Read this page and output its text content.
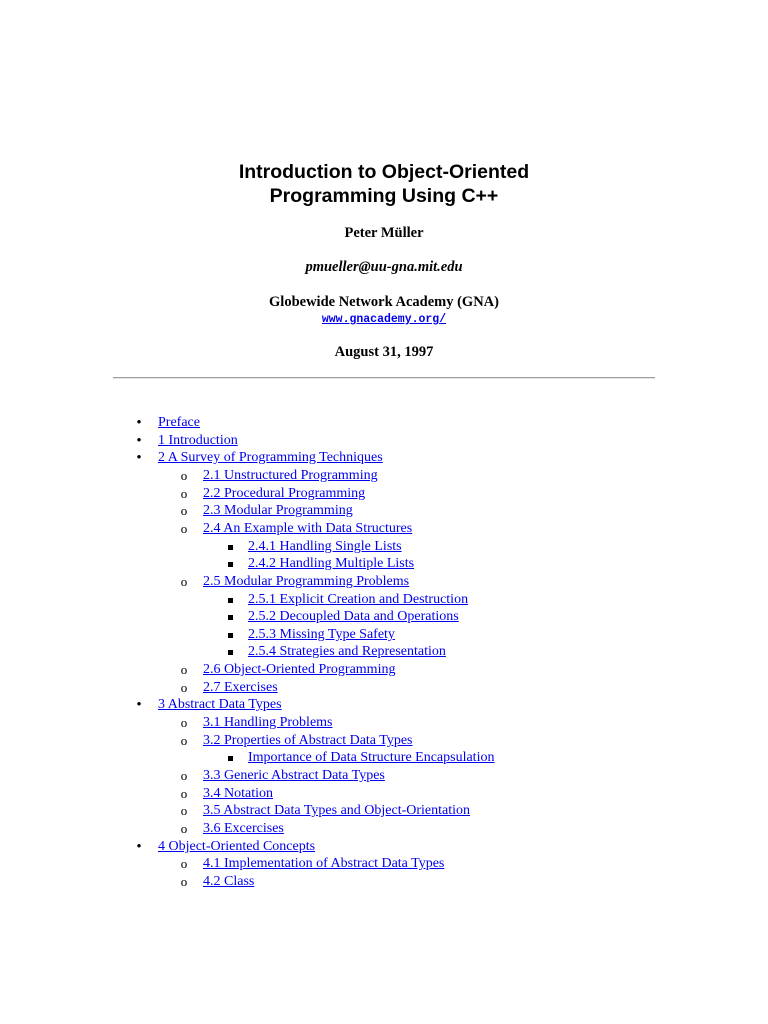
Introduction to Object-Oriented
Programming Using C++
Peter Müller
pmueller@uu-gna.mit.edu
Globewide Network Academy (GNA)
www.gnacademy.org/
August 31, 1997
•
Preface
•
1 Introduction
•
2 A Survey of Programming Techniques
o
2.1 Unstructured Programming
o
2.2 Procedural Programming
o
2.3 Modular Programming
o
2.4 An Example with Data Structures
2.4.1 Handling Single Lists
2.4.2 Handling Multiple Lists
o
2.5 Modular Programming Problems
2.5.1 Explicit Creation and Destruction
2.5.2 Decoupled Data and Operations
2.5.3 Missing Type Safety
2.5.4 Strategies and Representation
o
2.6 Object-Oriented Programming
o
2.7 Exercises
•
3 Abstract Data Types
o
3.1 Handling Problems
o
3.2 Properties of Abstract Data Types
Importance of Data Structure Encapsulation
o
3.3 Generic Abstract Data Types
o
3.4 Notation
o
3.5 Abstract Data Types and Object-Orientation
o
3.6 Excercises
•
4 Object-Oriented Concepts
o
4.1 Implementation of Abstract Data Types
o
4.2 Class
